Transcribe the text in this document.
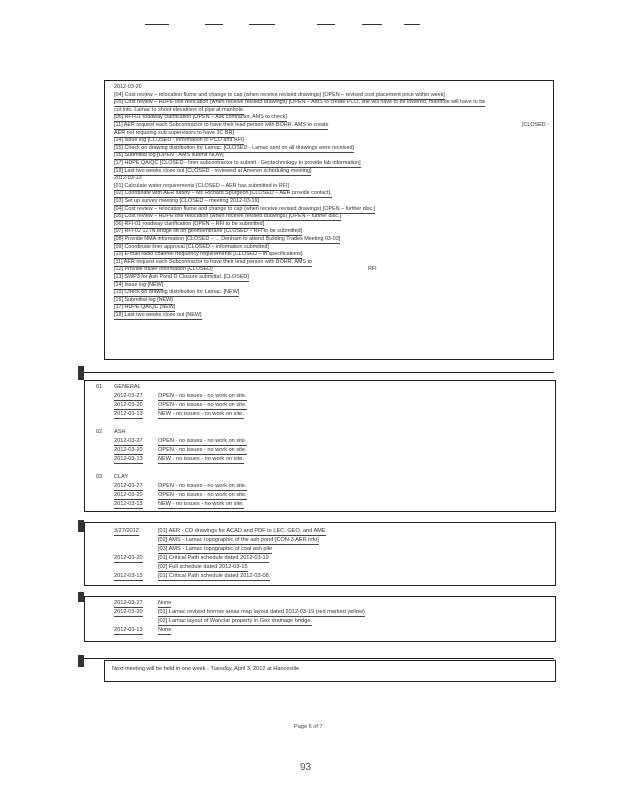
Next meeting will be held in one week - Tuesday, April 3, 2012 at Hanceville
Page 6 of 7
93
2012-03-20
[04] Cost review – relocation flume and change to cap (when receive revised drawings) [OPEN – revised cost placement price within week]
[05] Cost review – HDPE line relocation (when receive revised drawings) [OPEN – AMS to create PCO, line will have to be lowered, manhole will have to be
cut into. Lamac to shoot elevations of pipe at manhole.
[06] RFI-01 roadway clarification [OPEN – Ask contractor, AMS to check]
[11] AER request each Subcontractor to have their lead person with BOHR. AMS to create
AER not requiring sub supervisors to have 3C BR]
[14] Issue log [CLOSED - information to PCO and RFI]
[15] Check on drawing distribution for Lamac. [CLOSED - Lamac sent on all drawings were received]
[16] Submittal log [OPEN - AMS submit NOW]
[17] HDPE QA/QC [CLOSED - liner subcontractor to submit - Geotechnology to provide lab information]
[18] Last two weeks close out [CLOSED - reviewed at Ameren scheduling meeting]
[CLOSED -
2012-03-13
[01] Calculate water requirements [CLOSED – AER has submitted in RFI]
[02] Coordinate with AER safety – Mr. Richard Spurgeon [CLOSED – AER provide contact].
[03] Set up survey meeting [CLOSED – meeting 2012-03-19]
[04] Cost review – relocation flume and change to cap (when receive revised drawings) [OPEN – further disc.]
[05] Cost review – HDPE line relocation (when receive revised drawings) [OPEN – further disc.]
[06] RFI-01 roadway clarification [OPEN – RFI to be submitted]
[07] RFI-02 12 IN bridge lift on geomembrane [CLOSED – RFI to be submitted]
[08] Provide NMA information [CLOSED – ... Denham to attend Building Trades Meeting 03-03]
[09] Coordinate liner approval [CLOSED – information submitted]
[10] E-mail radio channel frequency requirements [CLOSED – in specifications]
[11] AER request each Subcontractor to have their lead person with BOHR. AMS to
[12] Provide trailer information [CLOSED]
[13] SWP3 for Ash Pond D Closure submittal. [CLOSED]
[14] Issue log [NEW]
[15] Check on drawing distribution for Lamac. [NEW]
[16] Submittal log [NEW]
[17] HDPE QA/QC [NEW]
[18] Last two weeks close out [NEW]
RFI
01 GENERAL
2012-03-27	OPEN - no issues - no work on site.
2012-03-20	OPEN - no issues - no work on site.
2012-03-13	NEW - no issues - no work on site.
02 ASH
2012-03-27	OPEN - no issues - no work on site.
2012-03-20	OPEN - no issues - no work on site.
2012-03-13	NEW - no issues - no work on site.
03 CLAY
2012-03-27	OPEN - no issues - no work on site.
2012-03-20	OPEN - no issues - no work on site.
2012-03-13	NEW - no issues - no work on site.
3/27/2012	[01] AER - CD drawings for ACAD and PDF to LEC, GEO, and AME
[02] AMS - Lamac topographic of the ash pond [CON-3 AER info]
[03] AMS - Lamac topographic of coal ash pile
2012-03-20	[01] Critical Path schedule dated 2012-03-19
[02] Full schedule dated 2012-03-15
2012-03-13	[01] Critical Path schedule dated 2012-03-08.
2012-03-27	None
2012-03-20	[01] Lamac revised borrow areas map layout dated 2012-03-19 (red marked yellow)
[02] Lamac layout of Wanclar property in Gex drainage bridge.
2012-03-13	None
